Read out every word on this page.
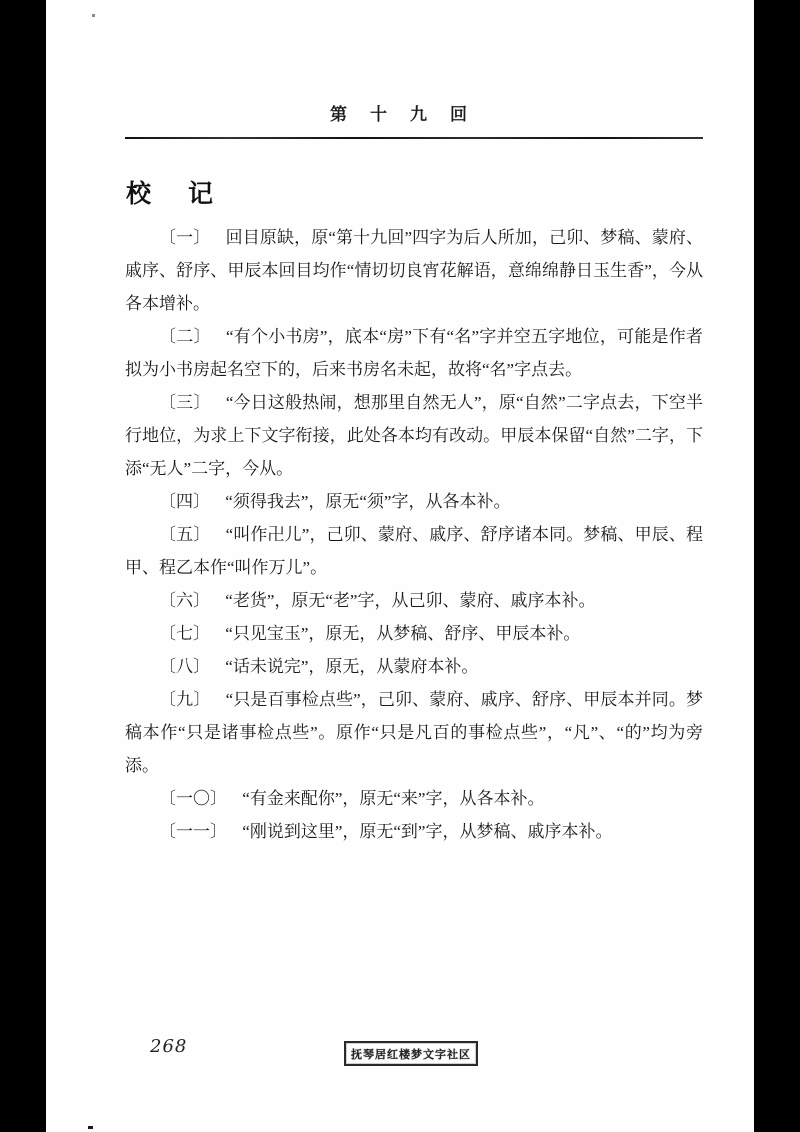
第　十　九　回
校　记

〔一〕 回目原缺，原“第十九回”四字为后人所加，己卯、梦稿、蒙府、戚序、舒序、甲辰本回目均作“情切切良宵花解语，意绵绵静日玉生香”，今从各本增补。

〔二〕 “有个小书房”，底本“房”下有“名”字并空五字地位，可能是作者拟为小书房起名空下的，后来书房名未起，故将“名”字点去。

〔三〕 “今日这般热闹，想那里自然无人”，原“自然”二字点去，下空半行地位，为求上下文字衔接，此处各本均有改动。甲辰本保留“自然”二字，下添“无人”二字，今从。

〔四〕 “须得我去”，原无“须”字，从各本补。

〔五〕 “叫作卍儿”，己卯、蒙府、戚序、舒序诸本同。梦稿、甲辰、程甲、程乙本作“叫作万儿”。

〔六〕 “老货”，原无“老”字，从己卯、蒙府、戚序本补。

〔七〕 “只见宝玉”，原无，从梦稿、舒序、甲辰本补。

〔八〕 “话未说完”，原无，从蒙府本补。

〔九〕 “只是百事检点些”，己卯、蒙府、戚序、舒序、甲辰本并同。梦稿本作“只是诸事检点些”。原作“只是凡百的事检点些”，“凡”、“的”均为旁添。

〔一〇〕 “有金来配你”，原无“来”字，从各本补。

〔一一〕 “刚说到这里”，原无“到”字，从梦稿、戚序本补。

268	抚琴居红楼梦文字社区
